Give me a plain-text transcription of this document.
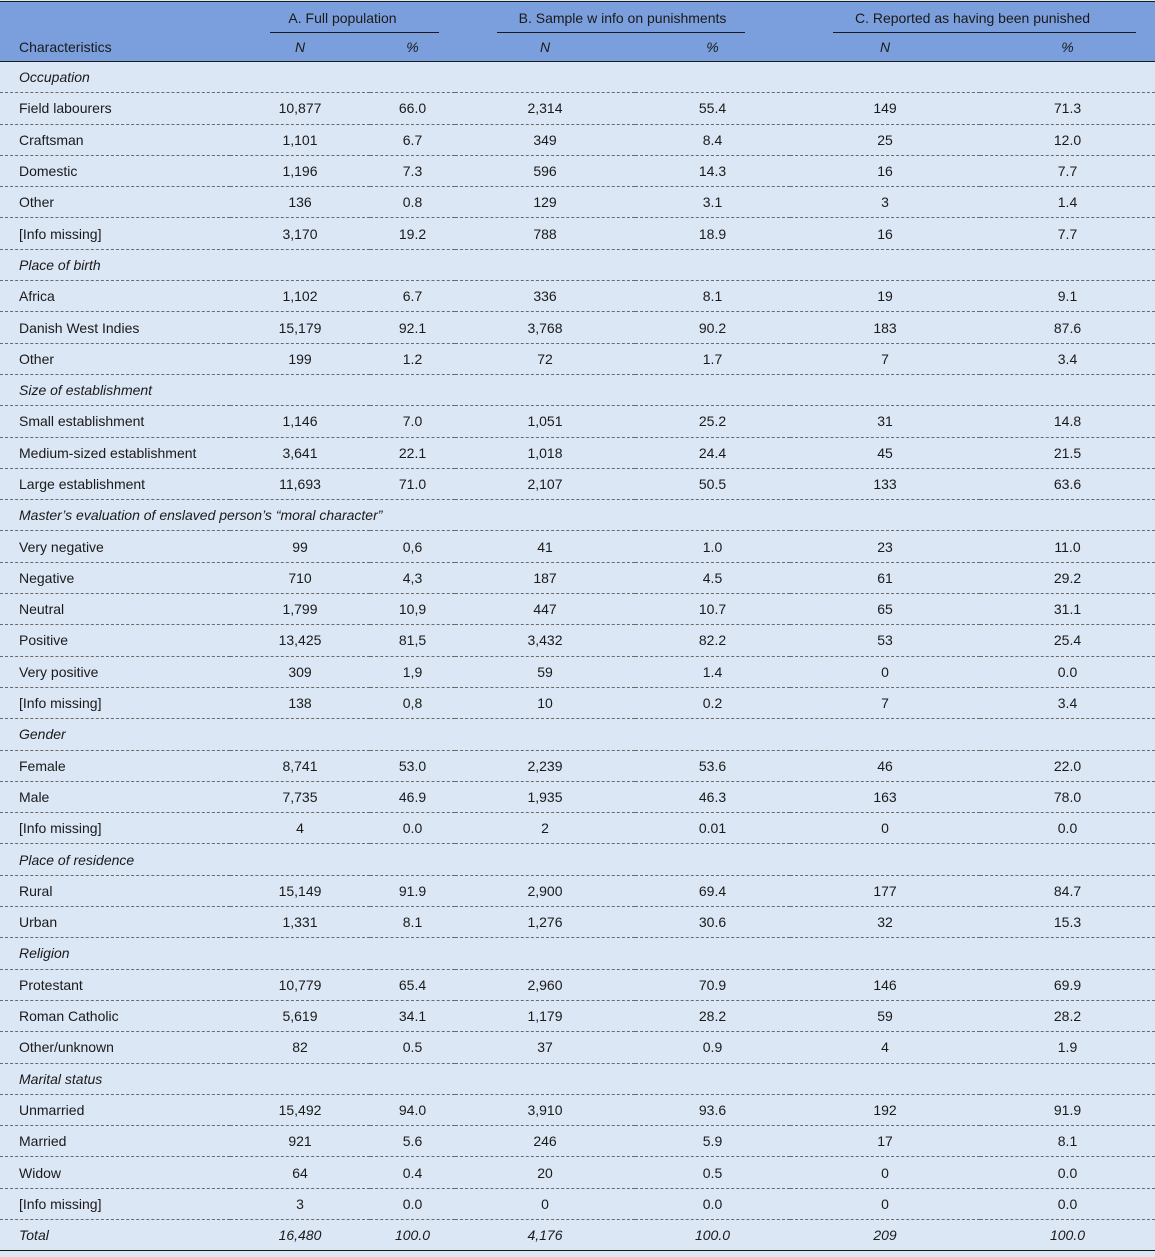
	A. Full population		B. Sample w info on punishments		C. Reported as having been punished	

Characteristics	N	%	N	%	N	%
Occupation						
Field labourers	10,877	66.0	2,314	55.4	149	71.3
Craftsman	1,101	6.7	349	8.4	25	12.0
Domestic	1,196	7.3	596	14.3	16	7.7
Other	136	0.8	129	3.1	3	1.4
[Info missing]	3,170	19.2	788	18.9	16	7.7
Place of birth						
Africa	1,102	6.7	336	8.1	19	9.1
Danish West Indies	15,179	92.1	3,768	90.2	183	87.6
Other	199	1.2	72	1.7	7	3.4
Size of establishment						
Small establishment	1,146	7.0	1,051	25.2	31	14.8
Medium-sized establishment	3,641	22.1	1,018	24.4	45	21.5
Large establishment	11,693	71.0	2,107	50.5	133	63.6
Master’s evaluation of enslaved person’s “moral character”						
Very negative	99	0,6	41	1.0	23	11.0
Negative	710	4,3	187	4.5	61	29.2
Neutral	1,799	10,9	447	10.7	65	31.1
Positive	13,425	81,5	3,432	82.2	53	25.4
Very positive	309	1,9	59	1.4	0	0.0
[Info missing]	138	0,8	10	0.2	7	3.4
Gender						
Female	8,741	53.0	2,239	53.6	46	22.0
Male	7,735	46.9	1,935	46.3	163	78.0
[Info missing]	4	0.0	2	0.01	0	0.0
Place of residence						
Rural	15,149	91.9	2,900	69.4	177	84.7
Urban	1,331	8.1	1,276	30.6	32	15.3
Religion						
Protestant	10,779	65.4	2,960	70.9	146	69.9
Roman Catholic	5,619	34.1	1,179	28.2	59	28.2
Other/unknown	82	0.5	37	0.9	4	1.9
Marital status						
Unmarried	15,492	94.0	3,910	93.6	192	91.9
Married	921	5.6	246	5.9	17	8.1
Widow	64	0.4	20	0.5	0	0.0
[Info missing]	3	0.0	0	0.0	0	0.0
Total	16,480	100.0	4,176	100.0	209	100.0
